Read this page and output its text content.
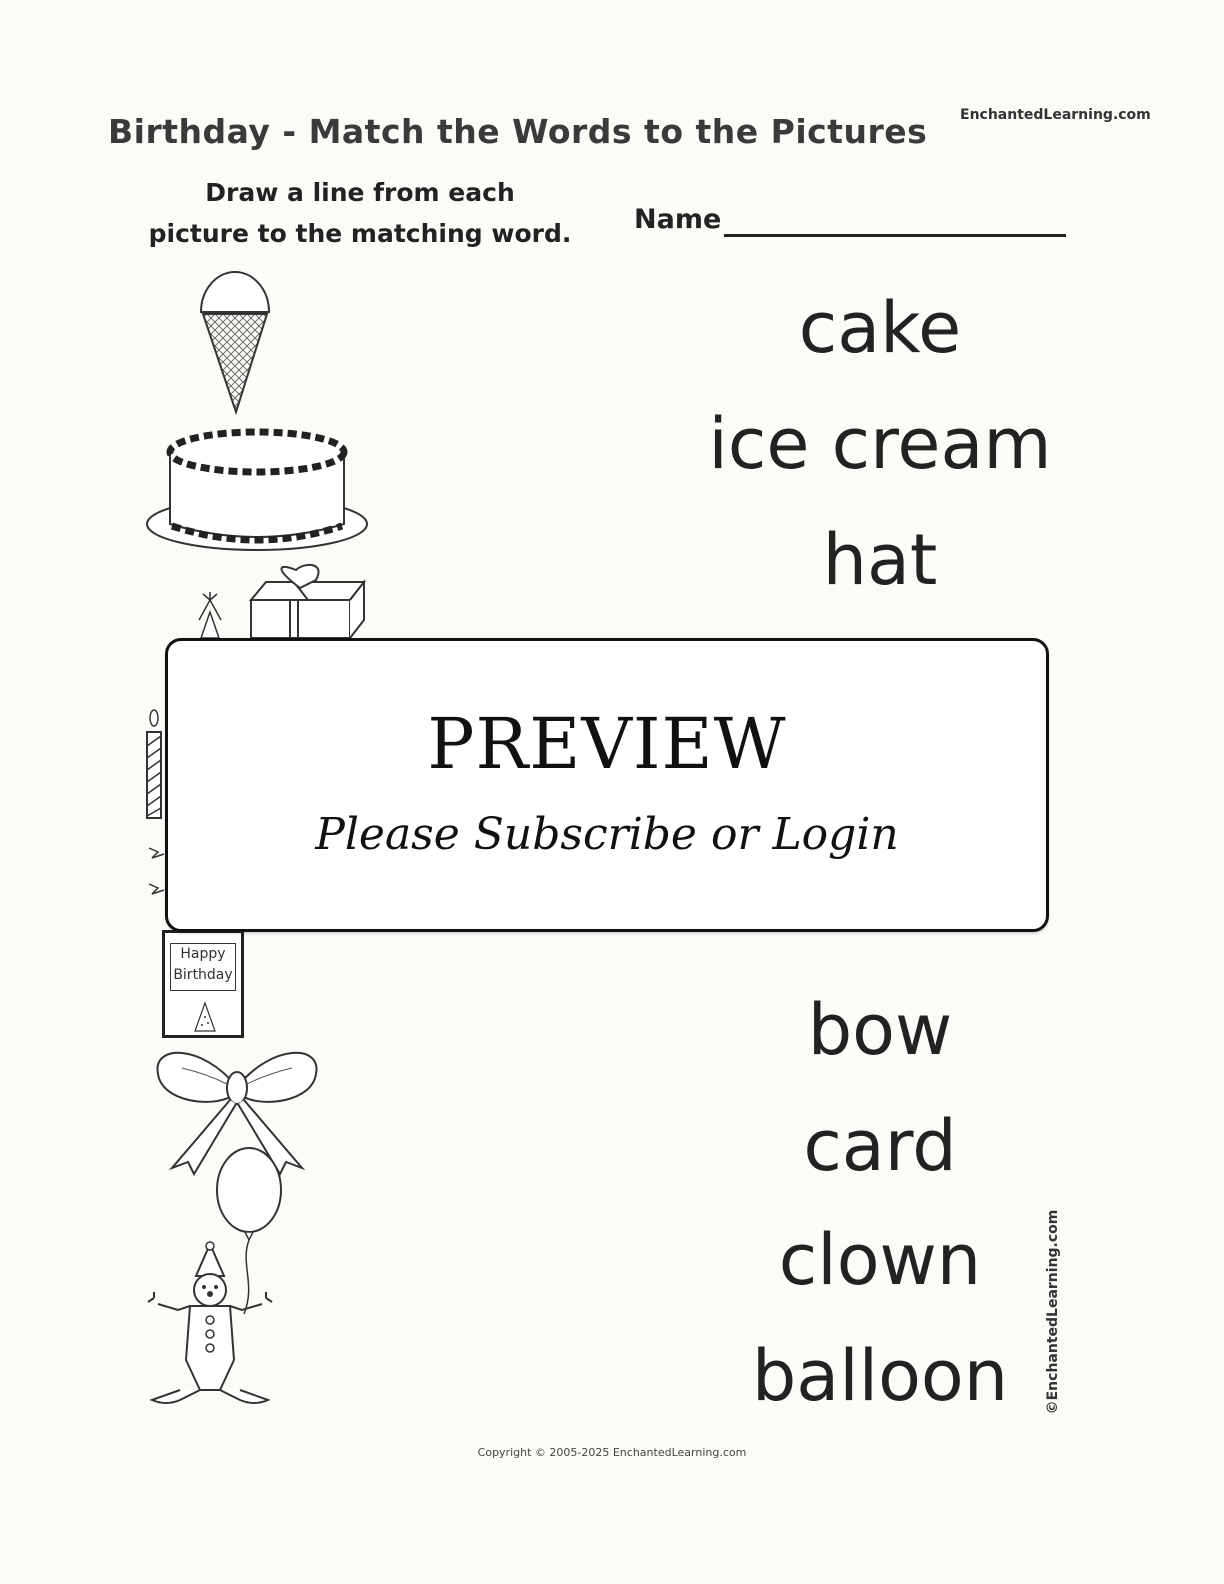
Birthday - Match the Words to the Pictures EnchantedLearning.com
Draw a line from each
picture to the matching word.	Name
cake
ice cream
hat
bow
card
clown
balloon
Happy
Birthday
©EnchantedLearning.com
PREVIEW
Please Subscribe or Login
Copyright © 2005-2025 EnchantedLearning.com
